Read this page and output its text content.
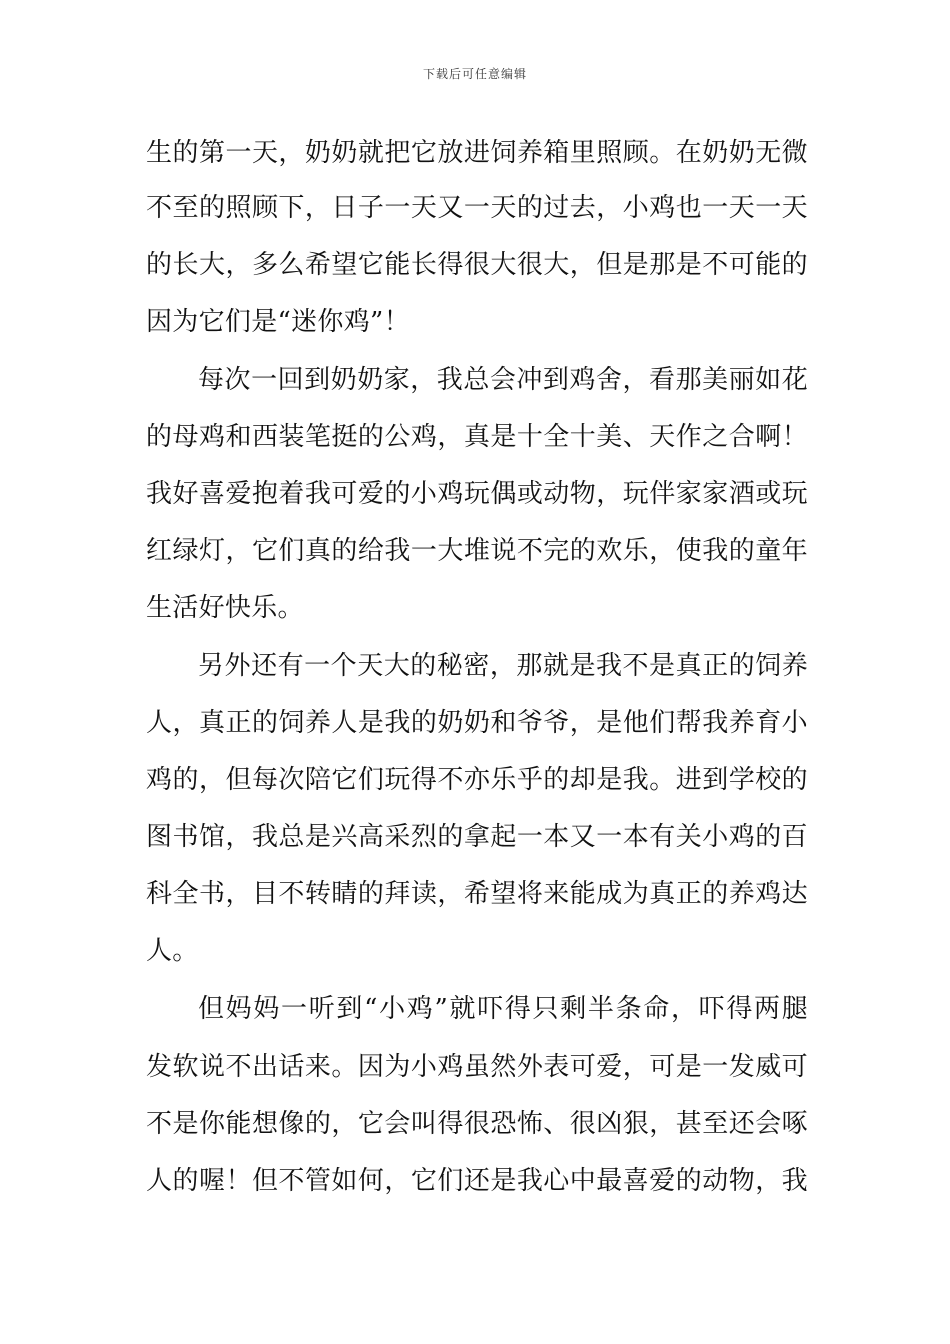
下载后可任意编辑
生的第一天，奶奶就把它放进饲养箱里照顾。在奶奶无微
不至的照顾下，日子一天又一天的过去，小鸡也一天一天
的长大，多么希望它能长得很大很大，但是那是不可能的
因为它们是“迷你鸡”！
每次一回到奶奶家，我总会冲到鸡舍，看那美丽如花
的母鸡和西装笔挺的公鸡，真是十全十美、天作之合啊！
我好喜爱抱着我可爱的小鸡玩偶或动物，玩伴家家酒或玩
红绿灯，它们真的给我一大堆说不完的欢乐，使我的童年
生活好快乐。
另外还有一个天大的秘密，那就是我不是真正的饲养
人，真正的饲养人是我的奶奶和爷爷，是他们帮我养育小
鸡的，但每次陪它们玩得不亦乐乎的却是我。进到学校的
图书馆，我总是兴高采烈的拿起一本又一本有关小鸡的百
科全书，目不转睛的拜读，希望将来能成为真正的养鸡达
人。
但妈妈一听到“小鸡”就吓得只剩半条命，吓得两腿
发软说不出话来。因为小鸡虽然外表可爱，可是一发威可
不是你能想像的，它会叫得很恐怖、很凶狠，甚至还会啄
人的喔！但不管如何，它们还是我心中最喜爱的动物，我
